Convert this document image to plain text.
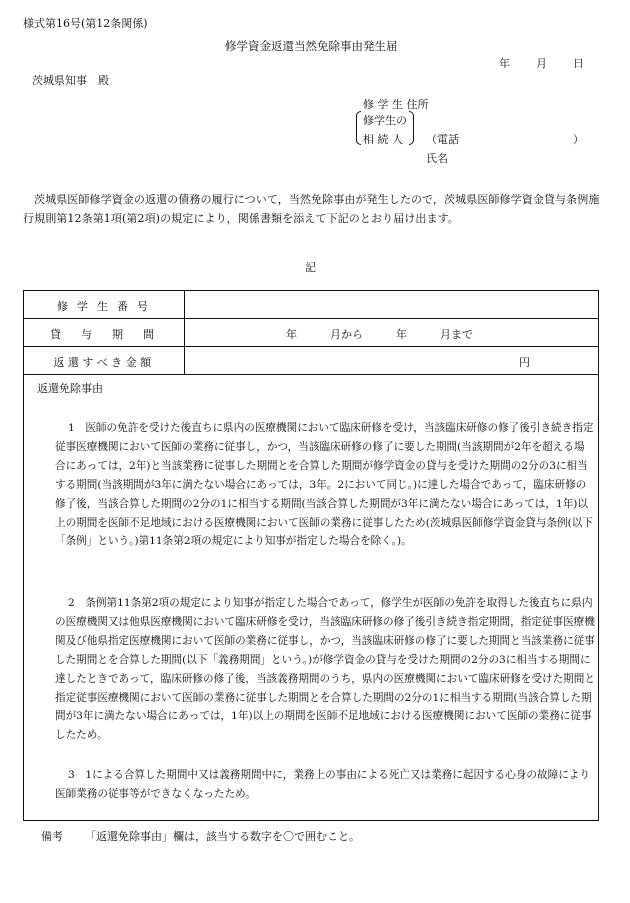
様式第16号(第12条関係)
修学資金返還当然免除事由発生届
年 月 日
茨城県知事　殿
修 学 生 住所
修学生の
相 続 人 （電話	）
氏名
茨城県医師修学資金の返還の債務の履行について，当然免除事由が発生したので，茨城県医師修学資金貸与条例施行規則第12条第1項(第2項)の規定により，関係書類を添えて下記のとおり届け出ます。
記
修学生番号
貸与期間	年　　　月から　　　年　　　月まで
返還すべき金額	円
返還免除事由

1　 医師の免許を受けた後直ちに県内の医療機関において臨床研修を受け，当該臨床研修の修了後引き続き指定従事医療機関において医師の業務に従事し，かつ，当該臨床研修の修了に要した期間(当該期間が2年を超える場合にあっては，2年)と当該業務に従事した期間とを合算した期間が修学資金の貸与を受けた期間の2分の3に相当する期間(当該期間が3年に満たない場合にあっては，3年。2において同じ。)に達した場合であって，臨床研修の修了後，当該合算した期間の2分の1に相当する期間(当該合算した期間が3年に満たない場合にあっては，1年)以上の期間を医師不足地域における医療機関において医師の業務に従事したため(茨城県医師修学資金貸与条例(以下「条例」という。)第11条第2項の規定により知事が指定した場合を除く。)。

2　 条例第11条第2項の規定により知事が指定した場合であって，修学生が医師の免許を取得した後直ちに県内の医療機関又は他県医療機関において臨床研修を受け，当該臨床研修の修了後引き続き指定期間，指定従事医療機関及び他県指定医療機関において医師の業務に従事し，かつ，当該臨床研修の修了に要した期間と当該業務に従事した期間とを合算した期間(以下「義務期間」という。)が修学資金の貸与を受けた期間の2分の3に相当する期間に達したときであって，臨床研修の修了後，当該義務期間のうち，県内の医療機関において臨床研修を受けた期間と指定従事医療機関において医師の業務に従事した期間とを合算した期間の2分の1に相当する期間(当該合算した期間が3年に満たない場合にあっては，1年)以上の期間を医師不足地域における医療機関において医師の業務に従事したため。

3　 1による合算した期間中又は義務期間中に，業務上の事由による死亡又は業務に起因する心身の故障により医師業務の従事等ができなくなったため。

備考 「返還免除事由」欄は，該当する数字を〇で囲むこと。
